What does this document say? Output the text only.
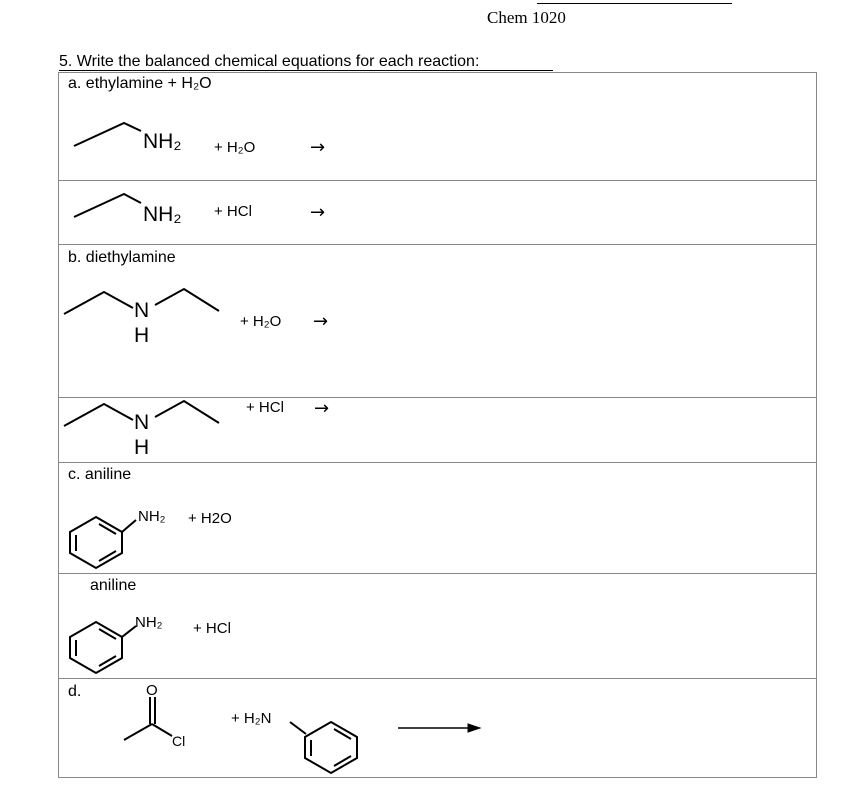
Chem 1020
5. Write the balanced chemical equations for each reaction:
a. ethylamine + H₂O
b. diethylamine
c. aniline
aniline
d.
NH₂ + H₂O	→
NH₂ + HCl	→
N
H
+ H₂O →
N
H
+ HCl →
NH₂ + H2O
NH₂ + HCl
O
Cl
+ H₂N
